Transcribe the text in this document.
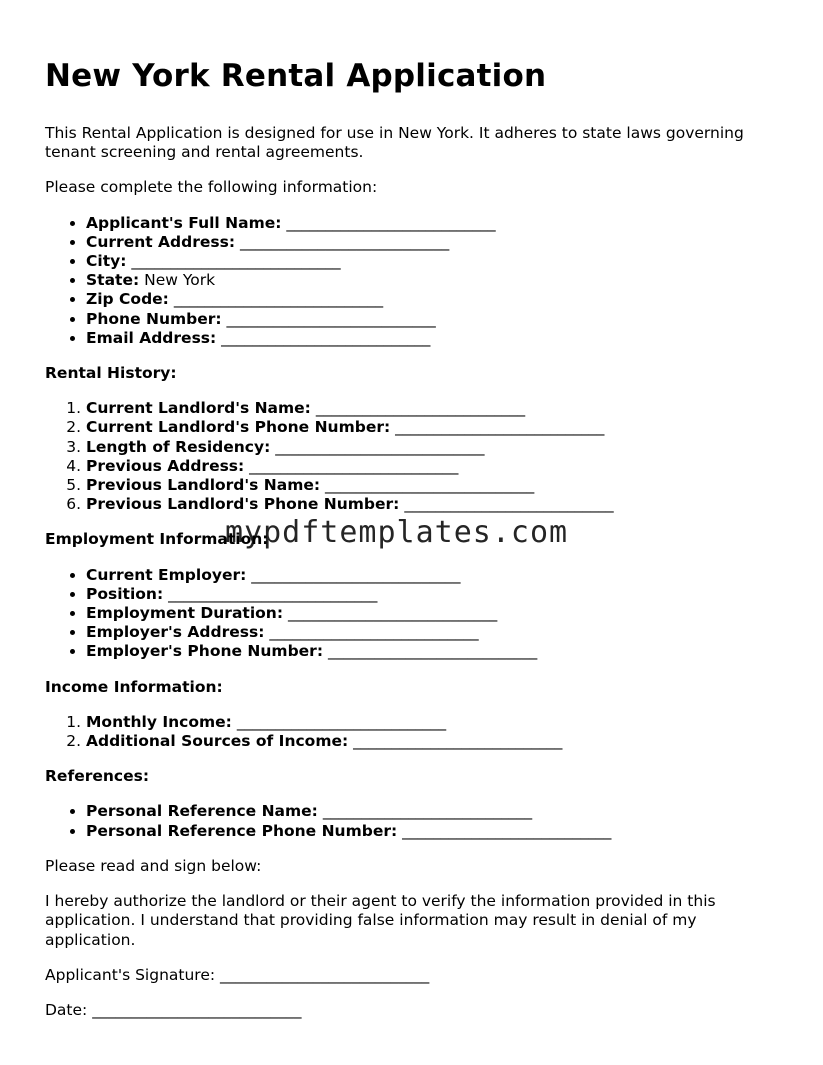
New York Rental Application

This Rental Application is designed for use in New York. It adheres to state laws governing tenant screening and rental agreements.

Please complete the following information:

• Applicant's Full Name: ___________________________
• Current Address: ___________________________
• City: ___________________________
• State: New York
• Zip Code: ___________________________
• Phone Number: ___________________________
• Email Address: ___________________________
Rental History:
1. Current Landlord's Name: ___________________________
2. Current Landlord's Phone Number: ___________________________
3. Length of Residency: ___________________________
4. Previous Address: ___________________________
5. Previous Landlord's Name: ___________________________
6. Previous Landlord's Phone Number: ___________________________
Employment Information:
• Current Employer: ___________________________
• Position: ___________________________
• Employment Duration: ___________________________
• Employer's Address: ___________________________
• Employer's Phone Number: ___________________________
Income Information:
1. Monthly Income: ___________________________
2. Additional Sources of Income: ___________________________
References:
• Personal Reference Name: ___________________________
• Personal Reference Phone Number: ___________________________

Please read and sign below:

I hereby authorize the landlord or their agent to verify the information provided in this application. I understand that providing false information may result in denial of my application.

Applicant's Signature: ___________________________

Date: ___________________________

mypdftemplates.com
